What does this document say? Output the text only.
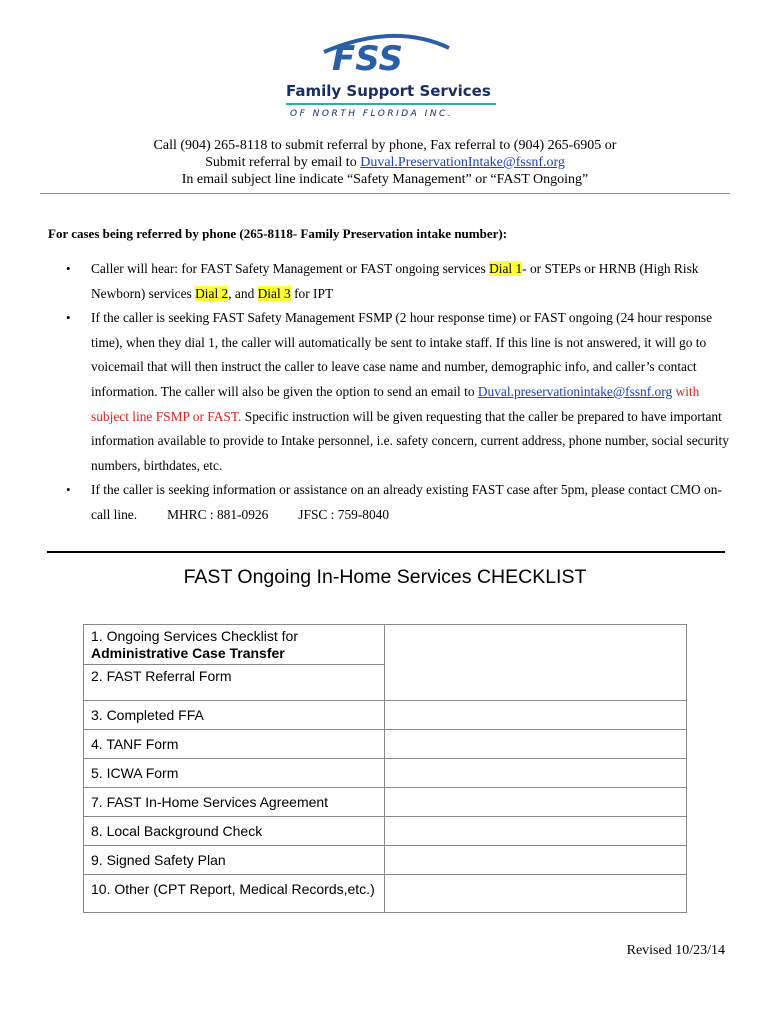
FSS
Family Support Services
OF NORTH FLORIDA INC.
Call (904) 265-8118 to submit referral by phone, Fax referral to (904) 265-6905 or
Submit referral by email to Duval.PreservationIntake@fssnf.org
In email subject line indicate “Safety Management” or “FAST Ongoing”
For cases being referred by phone (265-8118- Family Preservation intake number):
• Caller will hear: for FAST Safety Management or FAST ongoing services Dial 1- or STEPs or HRNB (High Risk Newborn) services Dial 2, and Dial 3 for IPT
• If the caller is seeking FAST Safety Management FSMP (2 hour response time) or FAST ongoing (24 hour response time), when they dial 1, the caller will automatically be sent to intake staff. If this line is not answered, it will go to voicemail that will then instruct the caller to leave case name and number, demographic info, and caller’s contact information. The caller will also be given the option to send an email to Duval.preservationintake@fssnf.org with subject line FSMP or FAST. Specific instruction will be given requesting that the caller be prepared to have important information available to provide to Intake personnel, i.e. safety concern, current address, phone number, social security numbers, birthdates, etc.
• If the caller is seeking information or assistance on an already existing FAST case after 5pm, please contact CMO on-call line. MHRC : 881-0926 JFSC : 759-8040
FAST Ongoing In-Home Services CHECKLIST
1. Ongoing Services Checklist for
Administrative Case Transfer	

2. FAST Referral Form	
3. Completed FFA	
4. TANF Form	
5. ICWA Form	
7. FAST In-Home Services Agreement	
8. Local Background Check	
9. Signed Safety Plan	
10. Other (CPT Report, Medical Records,etc.)	
Revised 10/23/14
